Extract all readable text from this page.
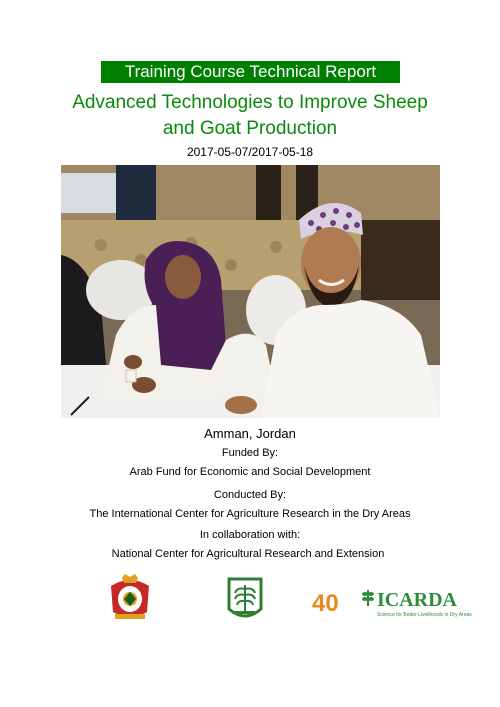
Training Course Technical Report
Advanced Technologies to Improve Sheep
and Goat Production
2017-05-07/2017-05-18
Amman, Jordan
Funded By:
Arab Fund for Economic and Social Development
Conducted By:
The International Center for Agriculture Research in the Dry Areas
In collaboration with:
National Center for Agricultural Research and Extension
40 ICARDA
Science for Better Livelihoods in Dry Areas
